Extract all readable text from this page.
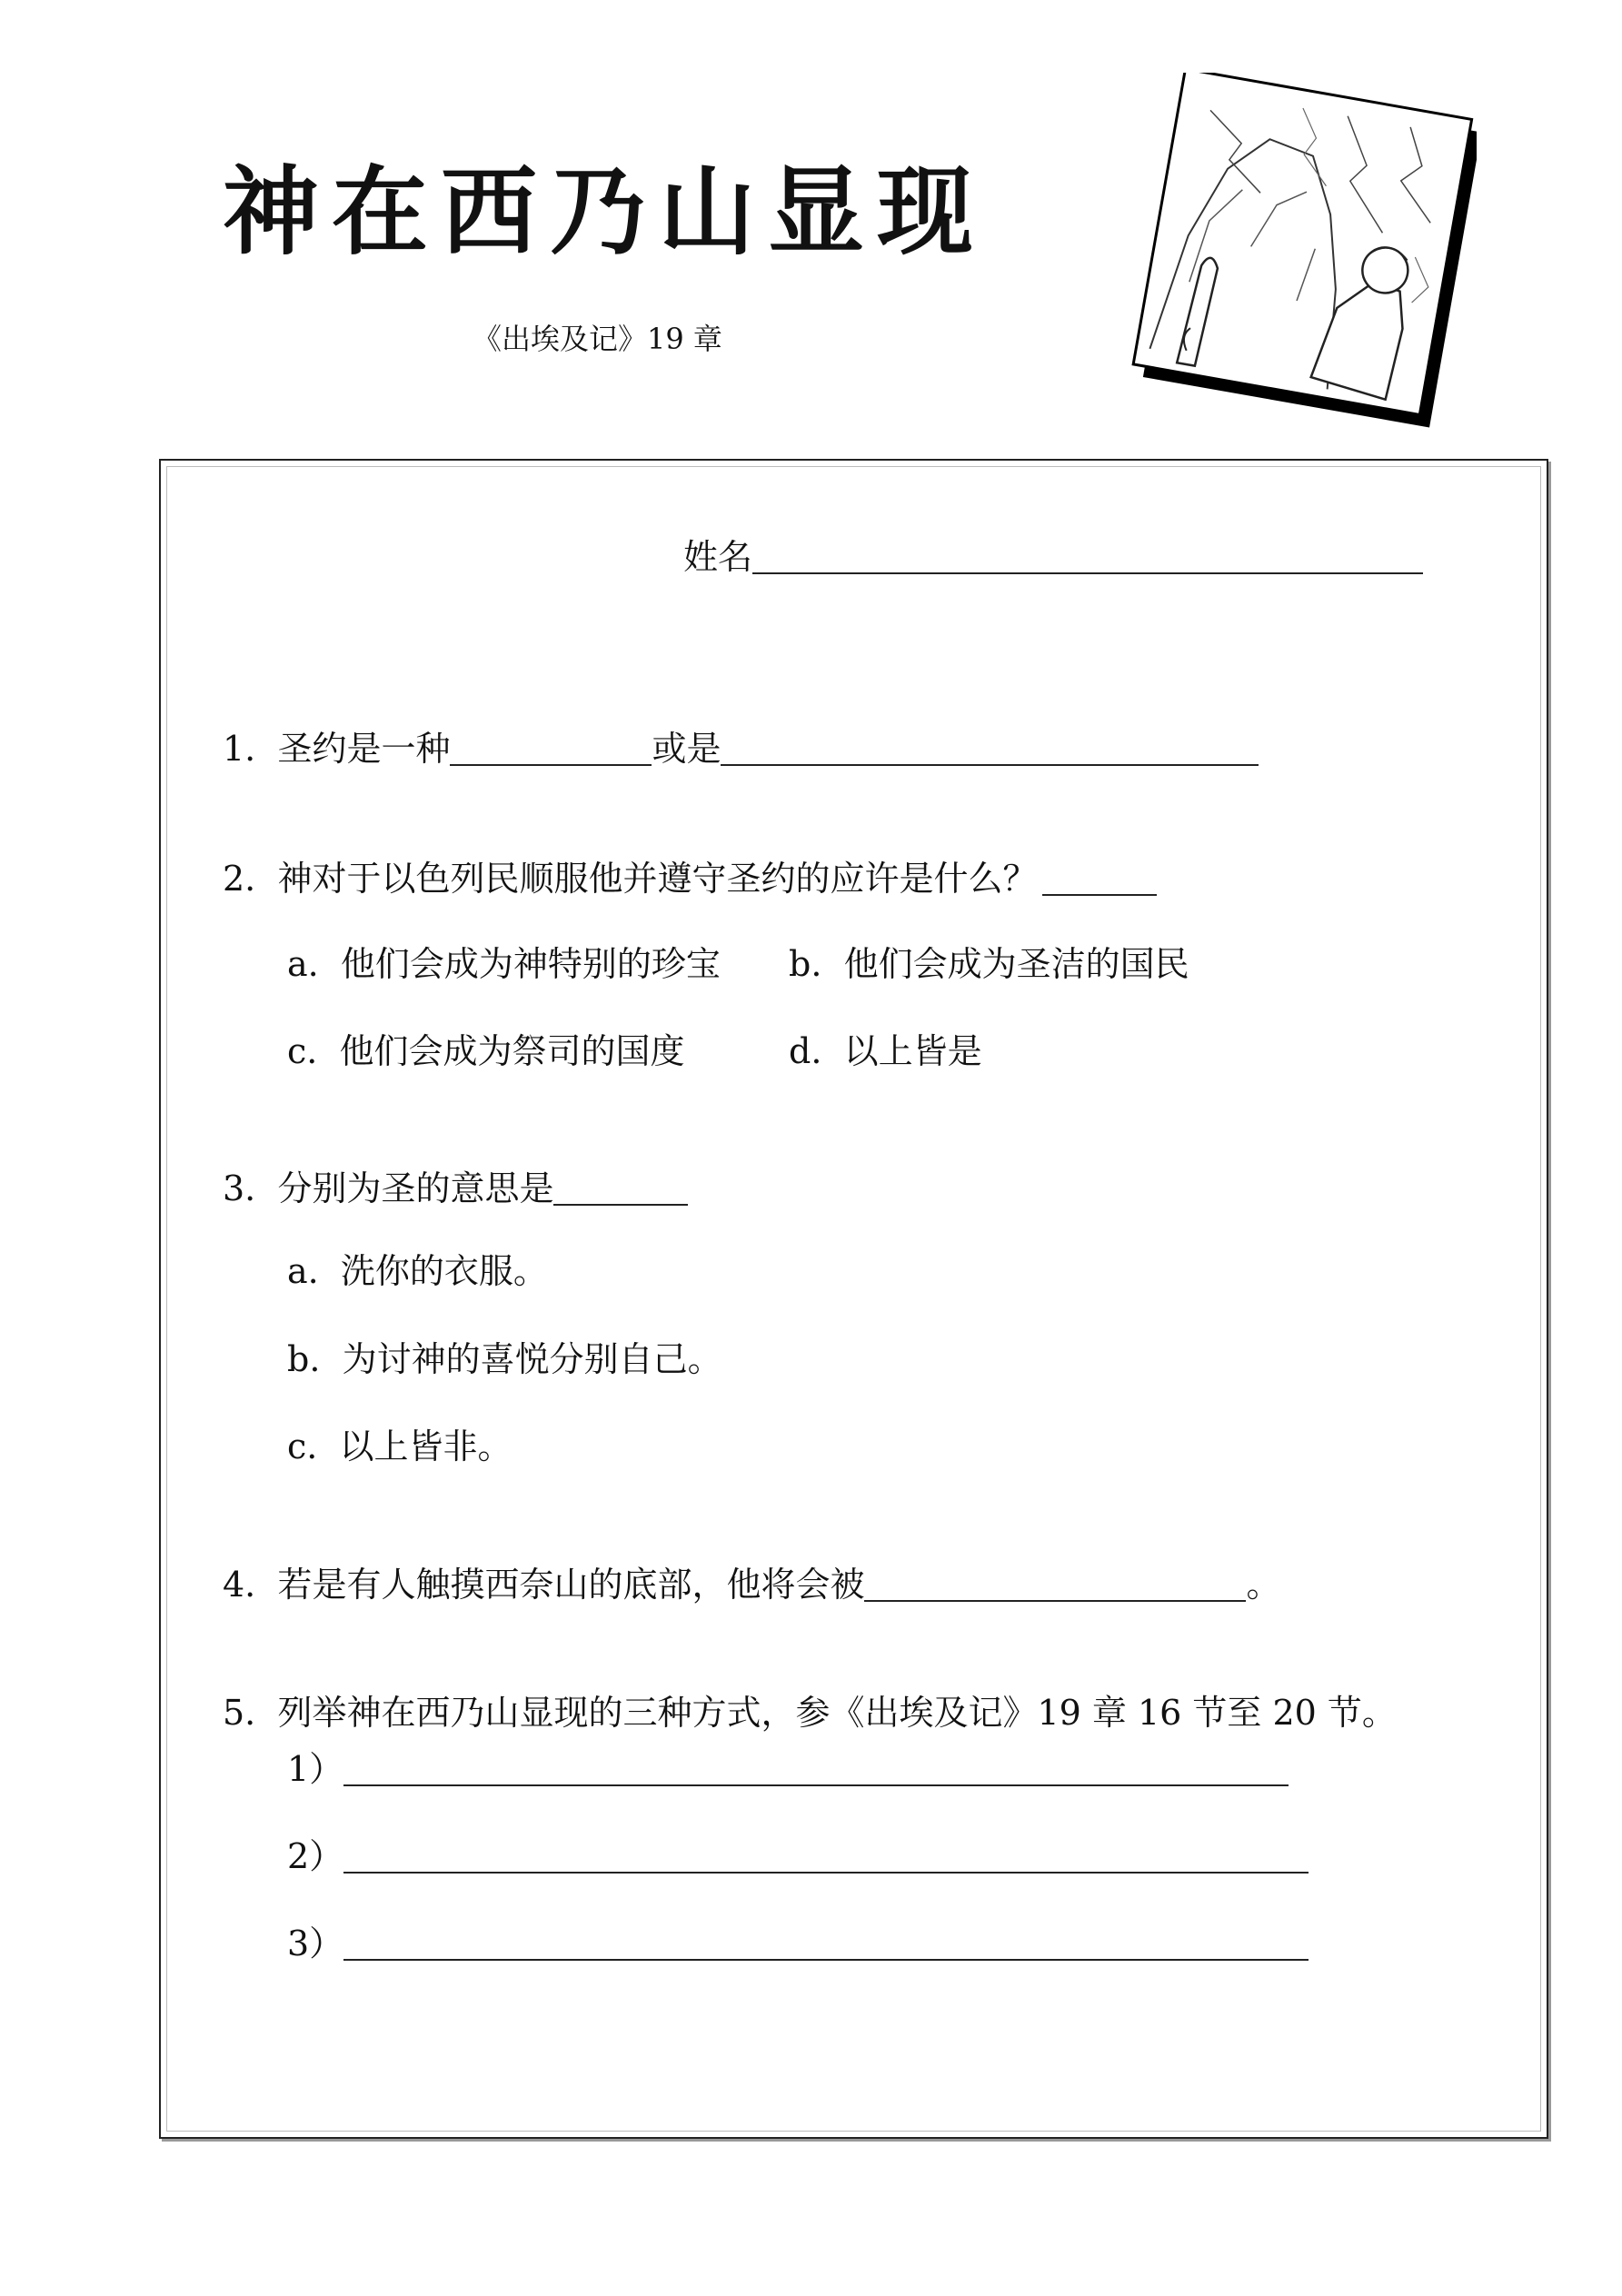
神在西乃山显现
《出埃及记》19 章
姓名
1. 圣约是一种	或是
2. 神对于以色列民顺服他并遵守圣约的应许是什么？
a. 他们会成为神特别的珍宝 b. 他们会成为圣洁的国民
c. 他们会成为祭司的国度	d. 以上皆是
3. 分别为圣的意思是
a. 洗你的衣服。
b. 为讨神的喜悦分别自己。
c. 以上皆非。
4. 若是有人触摸西奈山的底部，他将会被	。
5. 列举神在西乃山显现的三种方式，参《出埃及记》19 章 16 节至 20 节。
1）
2）
3）
